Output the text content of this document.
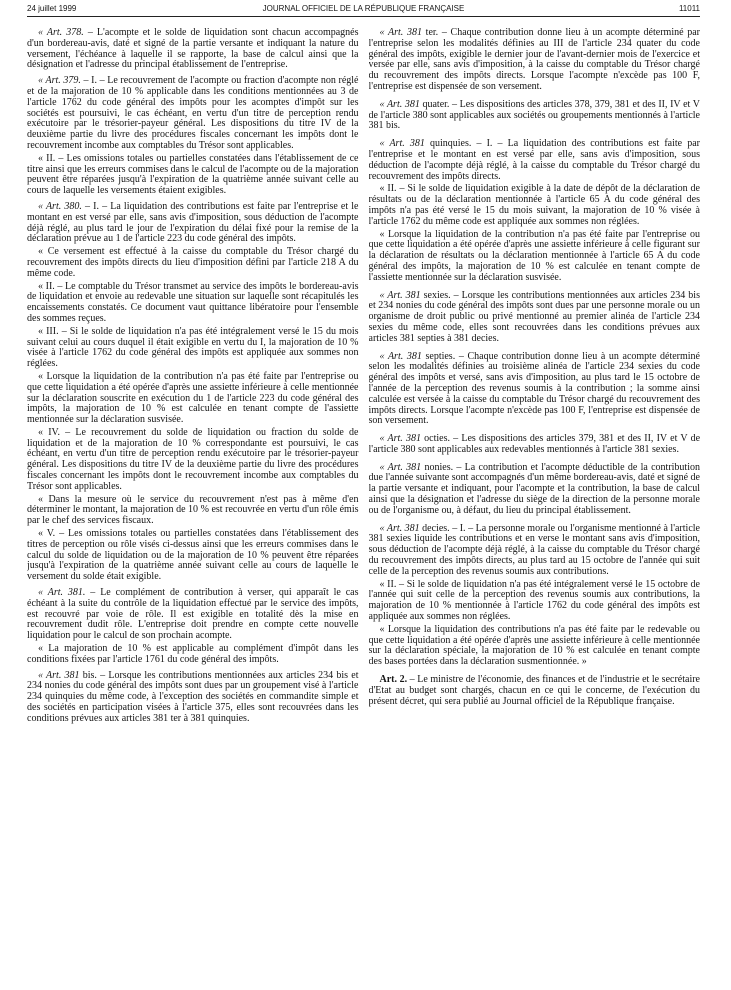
24 juillet 1999	JOURNAL OFFICIEL DE LA RÉPUBLIQUE FRANÇAISE	11011

« Art. 378. – L'acompte et le solde de liquidation sont chacun accompagnés d'un bordereau-avis, daté et signé de la partie versante et indiquant la nature du versement, l'échéance à laquelle il se rapporte, la base de calcul ainsi que la désignation et l'adresse du principal établissement de l'entreprise.

« Art. 379. – I. – Le recouvrement de l'acompte ou fraction d'acompte non réglé et de la majoration de 10 % applicable dans les conditions mentionnées au 3 de l'article 1762 du code général des impôts pour les acomptes d'impôt sur les sociétés est poursuivi, le cas échéant, en vertu d'un titre de perception rendu exécutoire par le trésorier-payeur général. Les dispositions du titre IV de la deuxième partie du livre des procédures fiscales concernant les impôts dont le recouvrement incombe aux comptables du Trésor sont applicables.

« II. – Les omissions totales ou partielles constatées dans l'établissement de ce titre ainsi que les erreurs commises dans le calcul de l'acompte ou de la majoration peuvent être réparées jusqu'à l'expiration de la quatrième année suivant celle au cours de laquelle les versements étaient exigibles.

« Art. 380. – I. – La liquidation des contributions est faite par l'entreprise et le montant en est versé par elle, sans avis d'imposition, sous déduction de l'acompte déjà réglé, au plus tard le jour de l'expiration du délai fixé pour la remise de la déclaration prévue au 1 de l'article 223 du code général des impôts.

« Ce versement est effectué à la caisse du comptable du Trésor chargé du recouvrement des impôts directs du lieu d'imposition défini par l'article 218 A du même code.

« II. – Le comptable du Trésor transmet au service des impôts le bordereau-avis de liquidation et envoie au redevable une situation sur laquelle sont récapitulés les encaissements constatés. Ce document vaut quittance libératoire pour l'ensemble des sommes reçues.

« III. – Si le solde de liquidation n'a pas été intégralement versé le 15 du mois suivant celui au cours duquel il était exigible en vertu du I, la majoration de 10 % visée à l'article 1762 du code général des impôts est appliquée aux sommes non réglées.

« Lorsque la liquidation de la contribution n'a pas été faite par l'entreprise ou que cette liquidation a été opérée d'après une assiette inférieure à celle mentionnée sur la déclaration souscrite en exécution du 1 de l'article 223 du code général des impôts, la majoration de 10 % est calculée en tenant compte de l'assiette mentionnée sur la déclaration susvisée.

« IV. – Le recouvrement du solde de liquidation ou fraction du solde de liquidation et de la majoration de 10 % correspondante est poursuivi, le cas échéant, en vertu d'un titre de perception rendu exécutoire par le trésorier-payeur général. Les dispositions du titre IV de la deuxième partie du livre des procédures fiscales concernant les impôts dont le recouvrement incombe aux comptables du Trésor sont applicables.

« Dans la mesure où le service du recouvrement n'est pas à même d'en déterminer le montant, la majoration de 10 % est recouvrée en vertu d'un rôle émis par le chef des services fiscaux.

« V. – Les omissions totales ou partielles constatées dans l'établissement des titres de perception ou rôle visés ci-dessus ainsi que les erreurs commises dans le calcul du solde de liquidation ou de la majoration de 10 % peuvent être réparées jusqu'à l'expiration de la quatrième année suivant celle au cours de laquelle le versement du solde était exigible.

« Art. 381. – Le complément de contribution à verser, qui apparaît le cas échéant à la suite du contrôle de la liquidation effectué par le service des impôts, est recouvré par voie de rôle. Il est exigible en totalité dès la mise en recouvrement dudit rôle. L'entreprise doit prendre en compte cette nouvelle liquidation pour le calcul de son prochain acompte.

« La majoration de 10 % est applicable au complément d'impôt dans les conditions fixées par l'article 1761 du code général des impôts.

« Art. 381 bis. – Lorsque les contributions mentionnées aux articles 234 bis et 234 nonies du code général des impôts sont dues par un groupement visé à l'article 234 quinquies du même code, à l'exception des sociétés en commandite simple et des sociétés en participation visées à l'article 375, elles sont recouvrées dans les conditions prévues aux articles 381 ter à 381 quinquies.

« Art. 381 ter. – Chaque contribution donne lieu à un acompte déterminé par l'entreprise selon les modalités définies au III de l'article 234 quater du code général des impôts, exigible le dernier jour de l'avant-dernier mois de l'exercice et versée par elle, sans avis d'imposition, à la caisse du comptable du Trésor chargé du recouvrement des impôts directs. Lorsque l'acompte n'excède pas 100 F, l'entreprise est dispensée de son versement.

« Art. 381 quater. – Les dispositions des articles 378, 379, 381 et des II, IV et V de l'article 380 sont applicables aux sociétés ou groupements mentionnés à l'article 381 bis.

« Art. 381 quinquies. – I. – La liquidation des contributions est faite par l'entreprise et le montant en est versé par elle, sans avis d'imposition, sous déduction de l'acompte déjà réglé, à la caisse du comptable du Trésor chargé du recouvrement des impôts directs.

« II. – Si le solde de liquidation exigible à la date de dépôt de la déclaration de résultats ou de la déclaration mentionnée à l'article 65 A du code général des impôts n'a pas été versé le 15 du mois suivant, la majoration de 10 % visée à l'article 1762 du même code est appliquée aux sommes non réglées.

« Lorsque la liquidation de la contribution n'a pas été faite par l'entreprise ou que cette liquidation a été opérée d'après une assiette inférieure à celle figurant sur la déclaration de résultats ou la déclaration mentionnée à l'article 65 A du code général des impôts, la majoration de 10 % est calculée en tenant compte de l'assiette mentionnée sur la déclaration susvisée.

« Art. 381 sexies. – Lorsque les contributions mentionnées aux articles 234 bis et 234 nonies du code général des impôts sont dues par une personne morale ou un organisme de droit public ou privé mentionné au premier alinéa de l'article 234 sexies du même code, elles sont recouvrées dans les conditions prévues aux articles 381 septies à 381 decies.

« Art. 381 septies. – Chaque contribution donne lieu à un acompte déterminé selon les modalités définies au troisième alinéa de l'article 234 sexies du code général des impôts et versé, sans avis d'imposition, au plus tard le 15 octobre de l'année de la perception des revenus soumis à la contribution ; la somme ainsi calculée est versée à la caisse du comptable du Trésor chargé du recouvrement des impôts directs. Lorsque l'acompte n'excède pas 100 F, l'entreprise est dispensée de son versement.

« Art. 381 octies. – Les dispositions des articles 379, 381 et des II, IV et V de l'article 380 sont applicables aux redevables mentionnés à l'article 381 sexies.

« Art. 381 nonies. – La contribution et l'acompte déductible de la contribution due l'année suivante sont accompagnés d'un même bordereau-avis, daté et signé de la partie versante et indiquant, pour l'acompte et la contribution, la base de calcul ainsi que la désignation et l'adresse du siège de la direction de la personne morale ou de l'organisme ou, à défaut, du lieu du principal établissement.

« Art. 381 decies. – I. – La personne morale ou l'organisme mentionné à l'article 381 sexies liquide les contributions et en verse le montant sans avis d'imposition, sous déduction de l'acompte déjà réglé, à la caisse du comptable du Trésor chargé du recouvrement des impôts directs, au plus tard au 15 octobre de l'année qui suit celle de la perception des revenus soumis aux contributions.

« II. – Si le solde de liquidation n'a pas été intégralement versé le 15 octobre de l'année qui suit celle de la perception des revenus soumis aux contributions, la majoration de 10 % mentionnée à l'article 1762 du code général des impôts est appliquée aux sommes non réglées.

« Lorsque la liquidation des contributions n'a pas été faite par le redevable ou que cette liquidation a été opérée d'après une assiette inférieure à celle mentionnée sur la déclaration spéciale, la majoration de 10 % est calculée en tenant compte des bases portées dans la déclaration susmentionnée. »

Art. 2. – Le ministre de l'économie, des finances et de l'industrie et le secrétaire d'Etat au budget sont chargés, chacun en ce qui le concerne, de l'exécution du présent décret, qui sera publié au Journal officiel de la République française.
